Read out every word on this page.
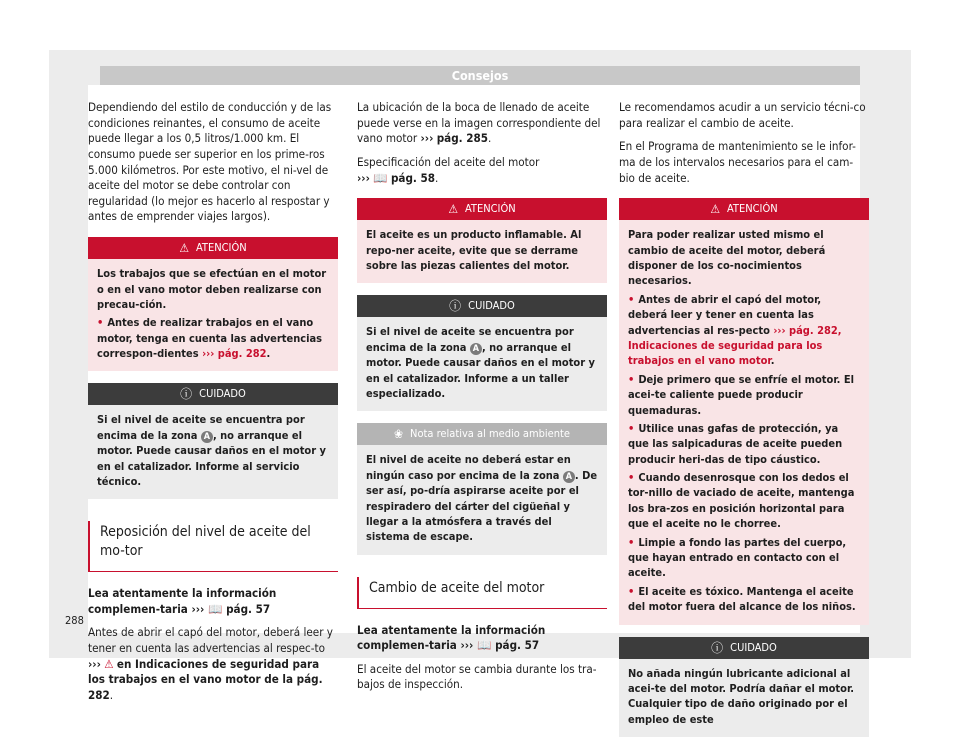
Consejos

Dependiendo del estilo de conducción y de las condiciones reinantes, el consumo de aceite puede llegar a los 0,5 litros/1.000 km. El consumo puede ser superior en los prime-ros 5.000 kilómetros. Por este motivo, el ni-vel de aceite del motor se debe controlar con regularidad (lo mejor es hacerlo al respostar y antes de emprender viajes largos).

⚠ ATENCIÓN

Los trabajos que se efectúan en el motor o en el vano motor deben realizarse con precau-ción.

• Antes de realizar trabajos en el vano motor, tenga en cuenta las advertencias correspon-dientes ››› pág. 282.

ⓘ CUIDADO

Si el nivel de aceite se encuentra por encima de la zona A , no arranque el motor. Puede causar daños en el motor y en el catalizador. Informe al servicio técnico.

Reposición del nivel de aceite del mo-tor

Lea atentamente la información complemen-taria ››› 📖 pág. 57

Antes de abrir el capó del motor, deberá leer y tener en cuenta las advertencias al respec-to ››› ⚠ en Indicaciones de seguridad para los trabajos en el vano motor de la pág. 282.

La ubicación de la boca de llenado de aceite puede verse en la imagen correspondiente del vano motor ››› pág. 285.

Especificación del aceite del motor
››› 📖 pág. 58.

⚠ ATENCIÓN

El aceite es un producto inflamable. Al repo-ner aceite, evite que se derrame sobre las piezas calientes del motor.

ⓘ CUIDADO

Si el nivel de aceite se encuentra por encima de la zona A , no arranque el motor. Puede causar daños en el motor y en el catalizador. Informe a un taller especializado.

❀ Nota relativa al medio ambiente

El nivel de aceite no deberá estar en ningún caso por encima de la zona A . De ser así, po-dría aspirarse aceite por el respiradero del cárter del cigüeñal y llegar a la atmósfera a través del sistema de escape.

Cambio de aceite del motor

Lea atentamente la información complemen-taria ››› 📖 pág. 57

El aceite del motor se cambia durante los tra-bajos de inspección.

Le recomendamos acudir a un servicio técni-co para realizar el cambio de aceite.

En el Programa de mantenimiento se le infor-ma de los intervalos necesarios para el cam-bio de aceite.

⚠ ATENCIÓN

Para poder realizar usted mismo el cambio de aceite del motor, deberá disponer de los co-nocimientos necesarios.

• Antes de abrir el capó del motor, deberá leer y tener en cuenta las advertencias al res-pecto ››› pág. 282, Indicaciones de seguridad para los trabajos en el vano motor.

• Deje primero que se enfríe el motor. El acei-te caliente puede producir quemaduras.

• Utilice unas gafas de protección, ya que las salpicaduras de aceite pueden producir heri-das de tipo cáustico.

• Cuando desenrosque con los dedos el tor-nillo de vaciado de aceite, mantenga los bra-zos en posición horizontal para que el aceite no le chorree.

• Limpie a fondo las partes del cuerpo, que hayan entrado en contacto con el aceite.

• El aceite es tóxico. Mantenga el aceite del motor fuera del alcance de los niños.

ⓘ CUIDADO

No añada ningún lubricante adicional al acei-te del motor. Podría dañar el motor. Cualquier tipo de daño originado por el empleo de este

288
